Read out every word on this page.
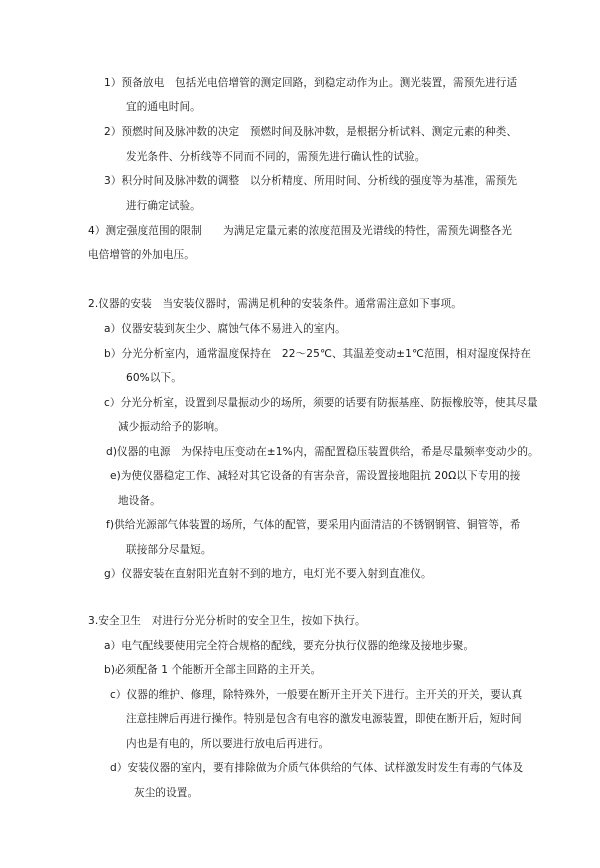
1）预备放电　包括光电倍增管的测定回路，到稳定动作为止。测光装置，需预先进行适
宜的通电时间。
2）预燃时间及脉冲数的决定　预燃时间及脉冲数，是根据分析试料、测定元素的种类、
发光条件、分析线等不同而不同的，需预先进行确认性的试验。
3）积分时间及脉冲数的调整　以分析精度、所用时间、分析线的强度等为基准，需预先
进行确定试验。
4）测定强度范围的限制　　为满足定量元素的浓度范围及光谱线的特性，需预先调整各光
电倍增管的外加电压。
2.仪器的安装　当安装仪器时，需满足机种的安装条件。通常需注意如下事项。
a）仪器安装到灰尘少、腐蚀气体不易进入的室内。
b）分光分析室内，通常温度保持在　22～25℃、其温差变动±1℃范围，相对湿度保持在
60%以下。
c）分光分析室，设置到尽量振动少的场所，须要的话要有防振基座、防振橡胶等，使其尽量
减少振动给予的影响。
d)仪器的电源　为保持电压变动在±1%内，需配置稳压装置供给，希是尽量频率变动少的。
e)为使仪器稳定工作、减轻对其它设备的有害杂音，需设置接地阻抗 20Ω以下专用的接
地设备。
f)供给光源部气体装置的场所，气体的配管，要采用内面清洁的不锈钢钢管、铜管等，希
联接部分尽量短。
g）仪器安装在直射阳光直射不到的地方，电灯光不要入射到直准仪。
3.安全卫生　对进行分光分析时的安全卫生，按如下执行。
a）电气配线要使用完全符合规格的配线，要充分执行仪器的绝缘及接地步聚。
b)必须配备 1 个能断开全部主回路的主开关。
c）仪器的维护、修理，除特殊外，一般要在断开主开关下进行。主开关的开关，要认真
注意挂牌后再进行操作。特别是包含有电容的激发电源装置，即使在断开后，短时间
内也是有电的，所以要进行放电后再进行。
d）安装仪器的室内，要有排除做为介质气体供给的气体、试样激发时发生有毒的气体及
灰尘的设置。
